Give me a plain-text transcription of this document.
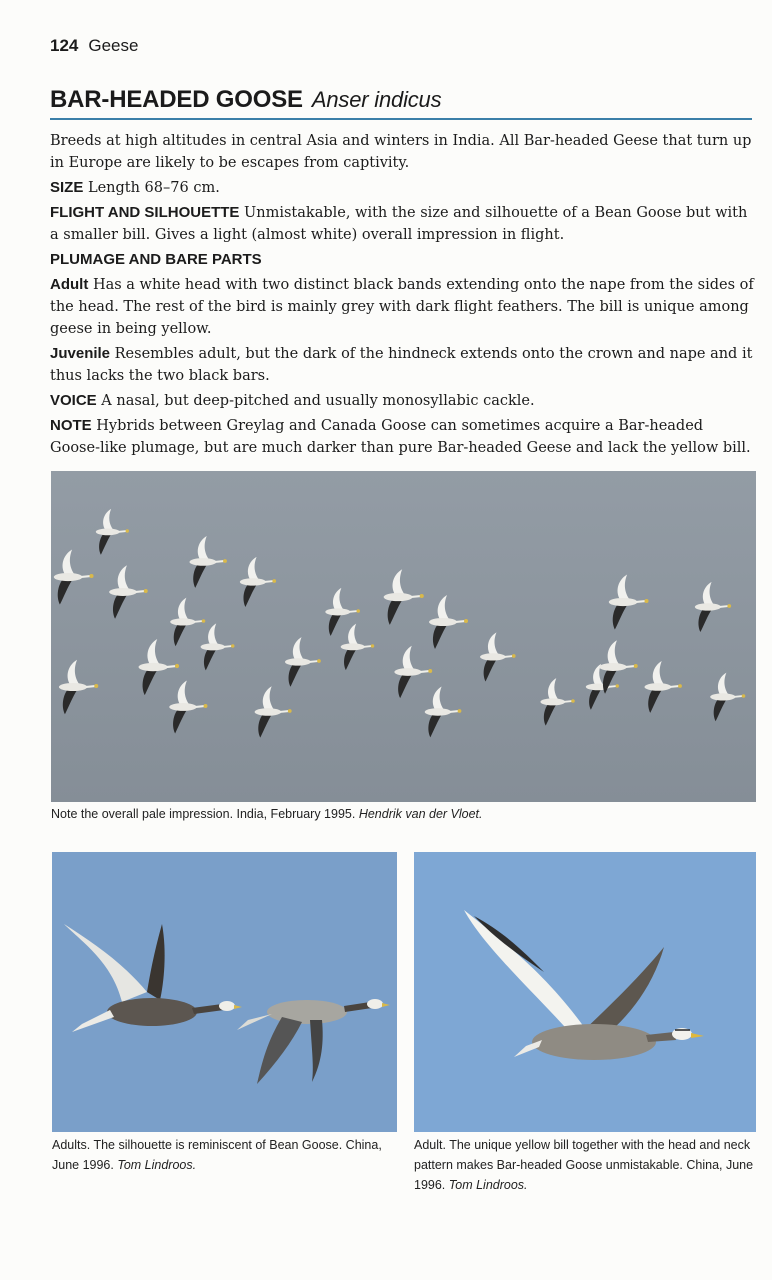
124 Geese
BAR-HEADED GOOSE Anser indicus

Breeds at high altitudes in central Asia and winters in India. All Bar-headed Geese that turn up in Europe are likely to be escapes from captivity.

SIZE Length 68–76 cm.

FLIGHT AND SILHOUETTE Unmistakable, with the size and silhouette of a Bean Goose but with a smaller bill. Gives a light (almost white) overall impression in flight.

PLUMAGE AND BARE PARTS

Adult Has a white head with two distinct black bands extending onto the nape from the sides of the head. The rest of the bird is mainly grey with dark flight feathers. The bill is unique among geese in being yellow.

Juvenile Resembles adult, but the dark of the hindneck extends onto the crown and nape and it thus lacks the two black bars.

VOICE A nasal, but deep-pitched and usually monosyllabic cackle.

NOTE Hybrids between Greylag and Canada Goose can sometimes acquire a Bar-headed Goose-like plumage, but are much darker than pure Bar-headed Geese and lack the yellow bill.

Note the overall pale impression. India, February 1995. Hendrik van der Vloet.
Adults. The silhouette is reminiscent of Bean Goose. China, June 1996. Tom Lindroos.
Adult. The unique yellow bill together with the head and neck pattern makes Bar-headed Goose unmistakable. China, June 1996. Tom Lindroos.
